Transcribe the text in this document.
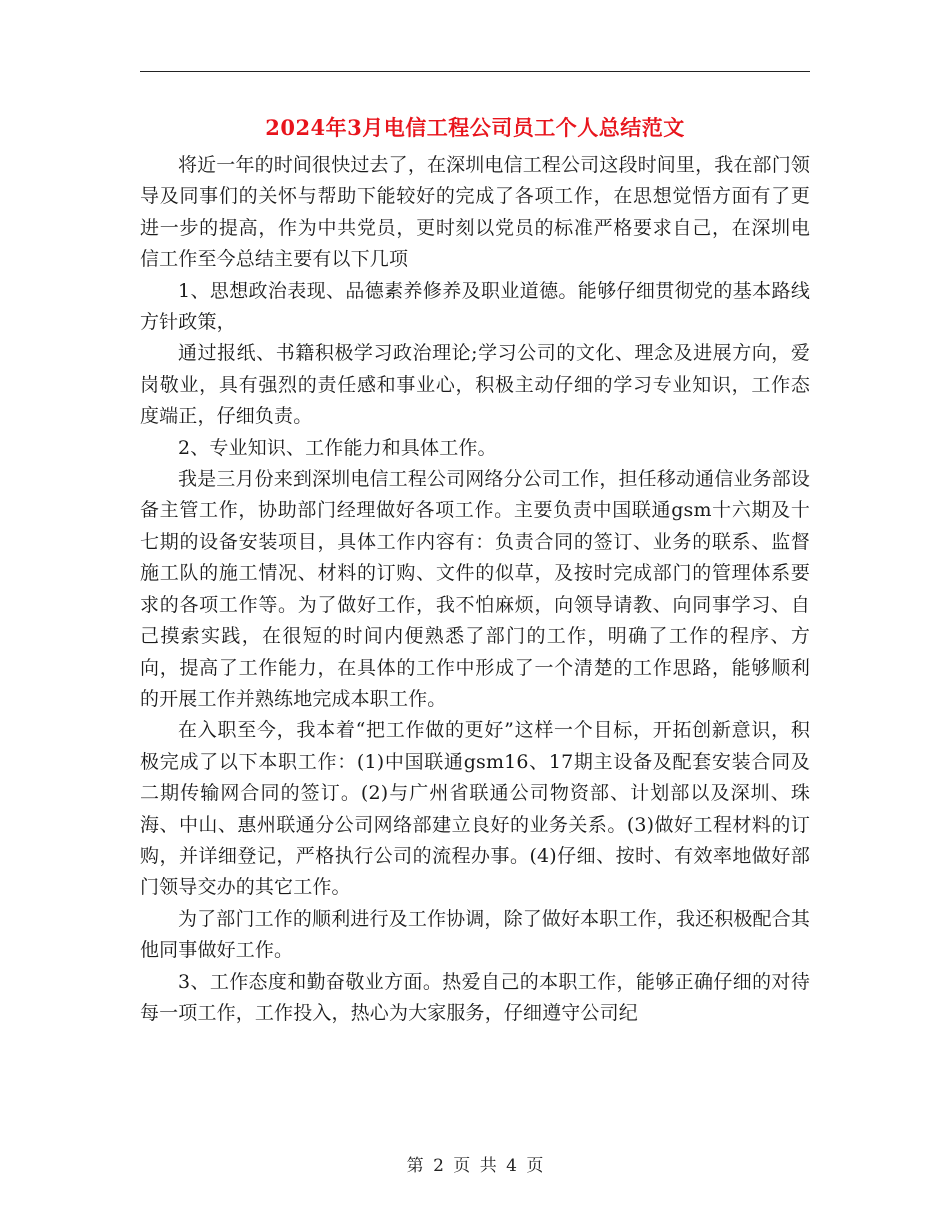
2024年3月电信工程公司员工个人总结范文

将近一年的时间很快过去了，在深圳电信工程公司这段时间里，我在部门领导及同事们的关怀与帮助下能较好的完成了各项工作，在思想觉悟方面有了更进一步的提高，作为中共党员，更时刻以党员的标准严格要求自己，在深圳电信工作至今总结主要有以下几项

1、思想政治表现、品德素养修养及职业道德。能够仔细贯彻党的基本路线方针政策，

通过报纸、书籍积极学习政治理论;学习公司的文化、理念及进展方向，爱岗敬业，具有强烈的责任感和事业心，积极主动仔细的学习专业知识，工作态度端正，仔细负责。

2、专业知识、工作能力和具体工作。

我是三月份来到深圳电信工程公司网络分公司工作，担任移动通信业务部设备主管工作，协助部门经理做好各项工作。主要负责中国联通gsm十六期及十七期的设备安装项目，具体工作内容有：负责合同的签订、业务的联系、监督施工队的施工情况、材料的订购、文件的似草，及按时完成部门的管理体系要求的各项工作等。为了做好工作，我不怕麻烦，向领导请教、向同事学习、自己摸索实践，在很短的时间内便熟悉了部门的工作，明确了工作的程序、方向，提高了工作能力，在具体的工作中形成了一个清楚的工作思路，能够顺利的开展工作并熟练地完成本职工作。

在入职至今，我本着“把工作做的更好”这样一个目标，开拓创新意识，积极完成了以下本职工作：(1)中国联通gsm16、17期主设备及配套安装合同及二期传输网合同的签订。(2)与广州省联通公司物资部、计划部以及深圳、珠海、中山、惠州联通分公司网络部建立良好的业务关系。(3)做好工程材料的订购，并详细登记，严格执行公司的流程办事。(4)仔细、按时、有效率地做好部门领导交办的其它工作。

为了部门工作的顺利进行及工作协调，除了做好本职工作，我还积极配合其他同事做好工作。

3、工作态度和勤奋敬业方面。热爱自己的本职工作，能够正确仔细的对待每一项工作，工作投入，热心为大家服务，仔细遵守公司纪

第 2 页 共 4 页
